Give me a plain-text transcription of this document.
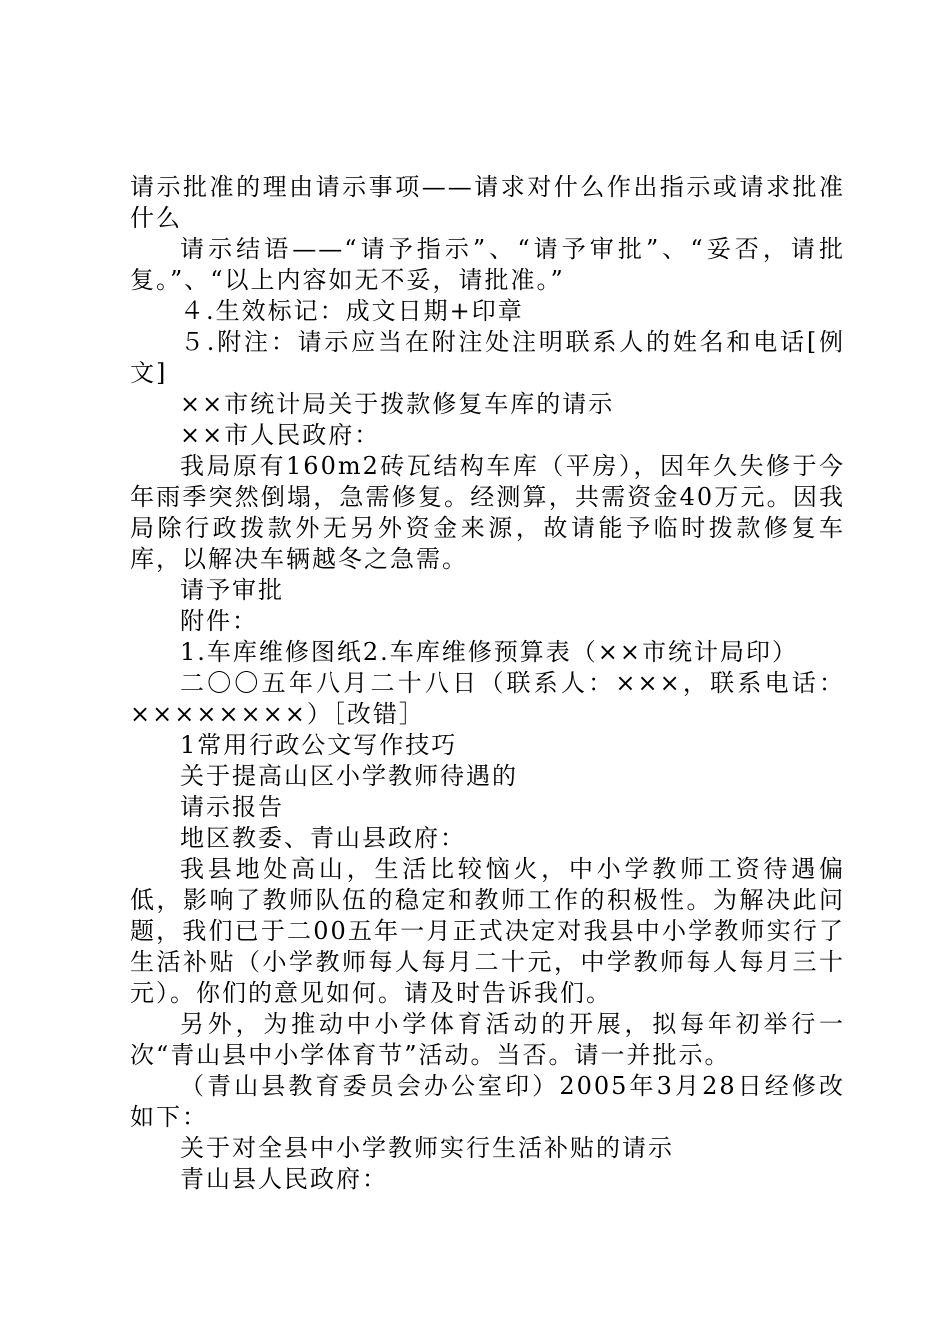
请示批准的理由请示事项——请求对什么作出指示或请求批准什么

请示结语——“请予指示”、“请予审批”、“妥否，请批复。”、“以上内容如无不妥，请批准。”

４.生效标记：成文日期+印章

５.附注：请示应当在附注处注明联系人的姓名和电话[例文]

××市统计局关于拨款修复车库的请示

××市人民政府：

我局原有160m2砖瓦结构车库（平房），因年久失修于今年雨季突然倒塌，急需修复。经测算，共需资金40万元。因我局除行政拨款外无另外资金来源，故请能予临时拨款修复车库，以解决车辆越冬之急需。

请予审批

附件：

1.车库维修图纸2.车库维修预算表（××市统计局印）

二〇〇五年八月二十八日（联系人：×××，联系电话：××××××××）［改错］

1常用行政公文写作技巧

关于提高山区小学教师待遇的

请示报告

地区教委、青山县政府：

我县地处高山，生活比较恼火，中小学教师工资待遇偏低，影响了教师队伍的稳定和教师工作的积极性。为解决此问题，我们已于二00五年一月正式决定对我县中小学教师实行了生活补贴（小学教师每人每月二十元，中学教师每人每月三十元）。你们的意见如何。请及时告诉我们。

另外，为推动中小学体育活动的开展，拟每年初举行一次“青山县中小学体育节”活动。当否。请一并批示。

（青山县教育委员会办公室印）2005年3月28日经修改如下：

关于对全县中小学教师实行生活补贴的请示

青山县人民政府：
